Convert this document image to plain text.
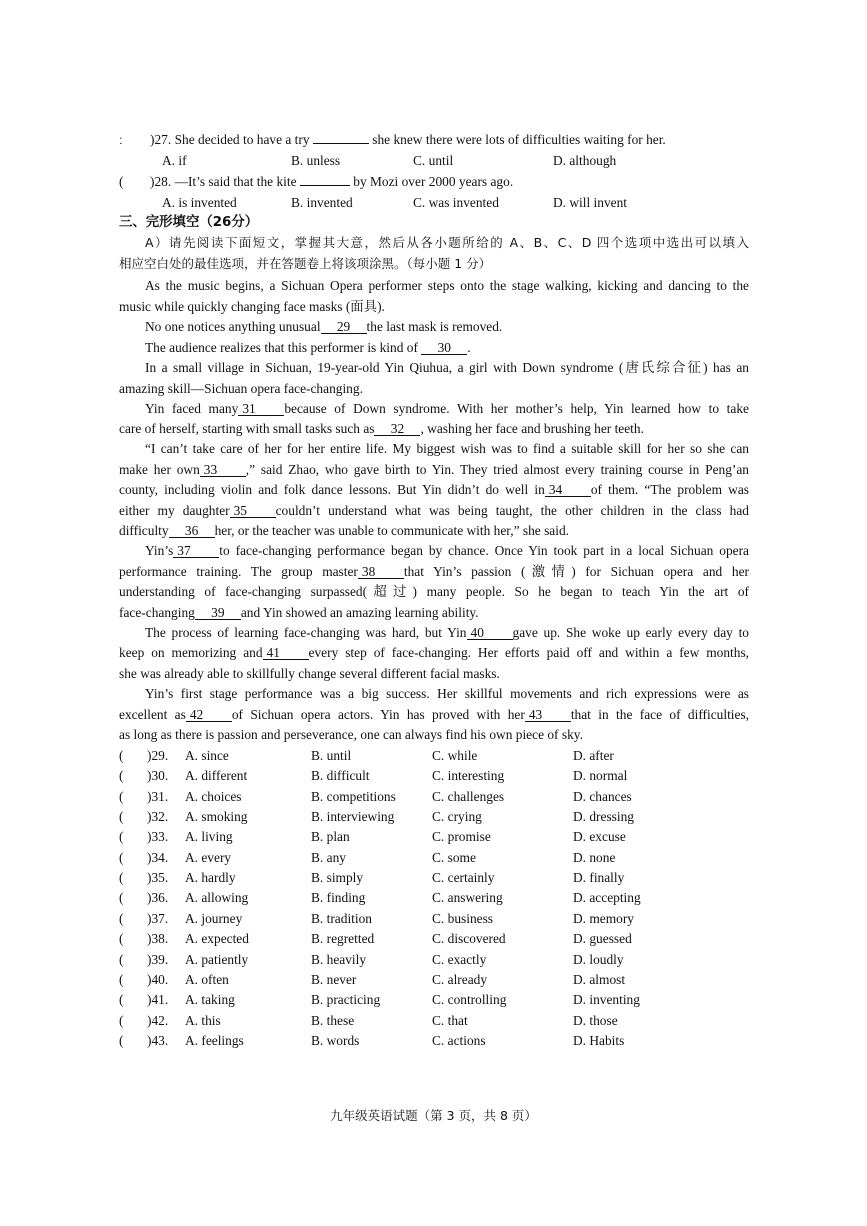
三、完形填空（26分）
A）请先阅读下面短文，掌握其大意，然后从各小题所给的 A、B、C、D 四个选项中选出可以填入
相应空白处的最佳选项，并在答题卷上将该项涂黑。（每小题 1 分）
九年级英语试题（第 3 页，共 8 页）
ː )27. She decided to have a try	she knew there were lots of difficulties waiting for her.
A. if	B. unless	C. until	D. although
( )28. —It’s said that the kite	by Mozi over 2000 years ago.
A. is invented	B. invented	C. was invented	D. will invent
As the music begins, a Sichuan Opera performer steps onto the stage walking, kicking and dancing to the
music while quickly changing face masks (面具).
No one notices anything unusual 29 the last mask is removed.
The audience realizes that this performer is kind of 30 .
In a small village in Sichuan, 19-year-old Yin Qiuhua, a girl with Down syndrome (唐氏综合征) has an
amazing skill—Sichuan opera face-changing.
Yin faced many 31 because of Down syndrome. With her mother’s help, Yin learned how to take
care of herself, starting with small tasks such as 32 , washing her face and brushing her teeth.
“I can’t take care of her for her entire life. My biggest wish was to find a suitable skill for her so she can
make her own 33 ,” said Zhao, who gave birth to Yin. They tried almost every training course in Peng’an
county, including violin and folk dance lessons. But Yin didn’t do well in 34 of them. “The problem was
either my daughter 35 couldn’t understand what was being taught, the other children in the class had
difficulty 36 her, or the teacher was unable to communicate with her,” she said.
Yin’s 37 to face-changing performance began by chance. Once Yin took part in a local Sichuan opera
performance training. The group master 38 that Yin’s passion (激情) for Sichuan opera and her
understanding of face-changing surpassed(超过) many people. So he began to teach Yin the art of
face-changing 39 and Yin showed an amazing learning ability.
The process of learning face-changing was hard, but Yin 40 gave up. She woke up early every day to
keep on memorizing and 41 every step of face-changing. Her efforts paid off and within a few months,
she was already able to skillfully change several different facial masks.
Yin’s first stage performance was a big success. Her skillful movements and rich expressions were as
excellent as 42 of Sichuan opera actors. Yin has proved with her 43 that in the face of difficulties,
as long as there is passion and perseverance, one can always find his own piece of sky.
( )29. A. since	B. until	C. while	D. after
( )30. A. different	B. difficult	C. interesting	D. normal
( )31. A. choices	B. competitions	C. challenges	D. chances
( )32. A. smoking	B. interviewing	C. crying	D. dressing
( )33. A. living	B. plan	C. promise	D. excuse
( )34. A. every	B. any	C. some	D. none
( )35. A. hardly	B. simply	C. certainly	D. finally
( )36. A. allowing	B. finding	C. answering	D. accepting
( )37. A. journey	B. tradition	C. business	D. memory
( )38. A. expected	B. regretted	C. discovered	D. guessed
( )39. A. patiently	B. heavily	C. exactly	D. loudly
( )40. A. often	B. never	C. already	D. almost
( )41. A. taking	B. practicing	C. controlling	D. inventing
( )42. A. this	B. these	C. that	D. those
( )43. A. feelings	B. words	C. actions	D. Habits
